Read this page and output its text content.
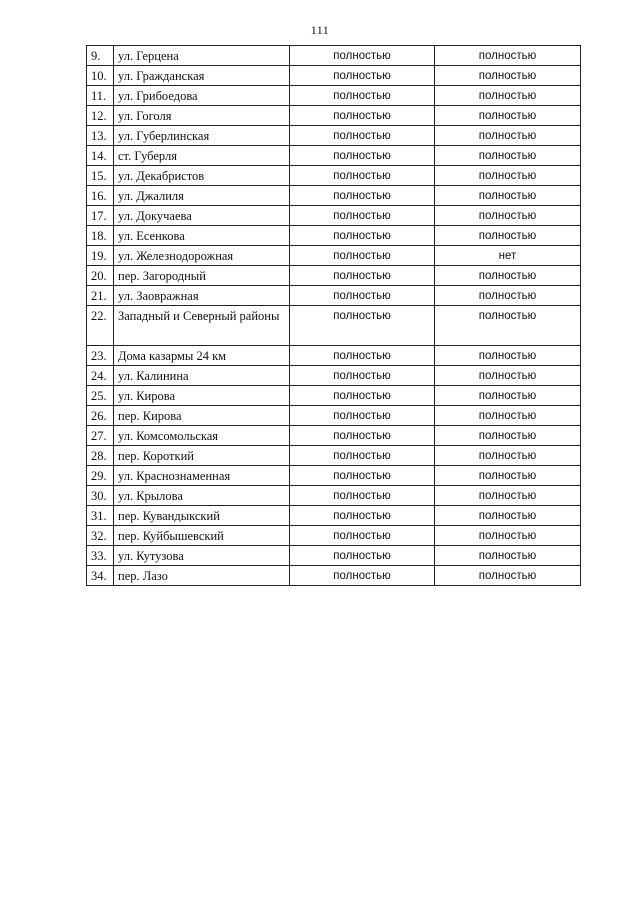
111
9.	ул. Герцена	полностью	полностью
10.	ул. Гражданская	полностью	полностью
11.	ул. Грибоедова	полностью	полностью
12.	ул. Гоголя	полностью	полностью
13.	ул. Губерлинская	полностью	полностью
14.	ст. Губерля	полностью	полностью
15.	ул. Декабристов	полностью	полностью
16.	ул. Джалиля	полностью	полностью
17.	ул. Докучаева	полностью	полностью
18.	ул. Есенкова	полностью	полностью
19.	ул. Железнодорожная	полностью	нет
20.	пер. Загородный	полностью	полностью
21.	ул. Заовражная	полностью	полностью
22.	Западный и Северный районы	полностью	полностью
23.	Дома казармы 24 км	полностью	полностью
24.	ул. Калинина	полностью	полностью
25.	ул. Кирова	полностью	полностью
26.	пер. Кирова	полностью	полностью
27.	ул. Комсомольская	полностью	полностью
28.	пер. Короткий	полностью	полностью
29.	ул. Краснознаменная	полностью	полностью
30.	ул. Крылова	полностью	полностью
31.	пер. Кувандыкский	полностью	полностью
32.	пер. Куйбышевский	полностью	полностью
33.	ул. Кутузова	полностью	полностью
34.	пер. Лазо	полностью	полностью
